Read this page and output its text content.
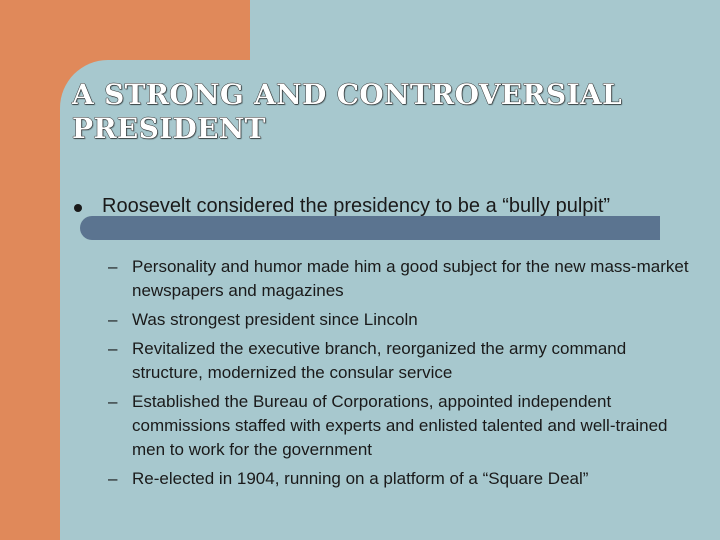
A STRONG AND CONTROVERSIAL PRESIDENT
Roosevelt considered the presidency to be a “bully pulpit”
– Personality and humor made him a good subject for the new mass-market newspapers and magazines
– Was strongest president since Lincoln
– Revitalized the executive branch, reorganized the army command structure, modernized the consular service
– Established the Bureau of Corporations, appointed independent commissions staffed with experts and enlisted talented and well-trained men to work for the government
– Re-elected in 1904, running on a platform of a “Square Deal”
